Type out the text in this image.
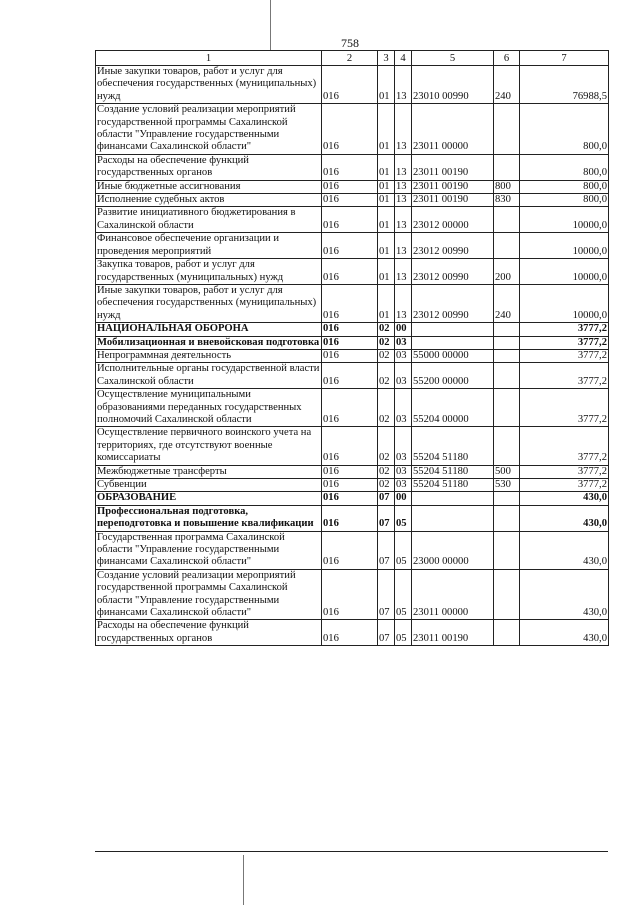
758
1	2	3	4	5	6	7
Иные закупки товаров, работ и услуг для обеспечения государственных (муниципальных) нужд	016	01	13	23010 00990	240	76988,5
Создание условий реализации мероприятий государственной программы Сахалинской области "Управление государственными финансами Сахалинской области"	016	01	13	23011 00000		800,0
Расходы на обеспечение функций государственных органов	016	01	13	23011 00190		800,0
Иные бюджетные ассигнования	016	01	13	23011 00190	800	800,0
Исполнение судебных актов	016	01	13	23011 00190	830	800,0
Развитие инициативного бюджетирования в Сахалинской области	016	01	13	23012 00000		10000,0
Финансовое обеспечение организации и проведения мероприятий	016	01	13	23012 00990		10000,0
Закупка товаров, работ и услуг для государственных (муниципальных) нужд	016	01	13	23012 00990	200	10000,0
Иные закупки товаров, работ и услуг для обеспечения государственных (муниципальных) нужд	016	01	13	23012 00990	240	10000,0
НАЦИОНАЛЬНАЯ ОБОРОНА	016	02	00			3777,2
Мобилизационная и вневойсковая подготовка	016	02	03			3777,2
Непрограммная деятельность	016	02	03	55000 00000		3777,2
Исполнительные органы государственной власти Сахалинской области	016	02	03	55200 00000		3777,2
Осуществление муниципальными образованиями переданных государственных полномочий Сахалинской области	016	02	03	55204 00000		3777,2
Осуществление первичного воинского учета на территориях, где отсутствуют военные комиссариаты	016	02	03	55204 51180		3777,2
Межбюджетные трансферты	016	02	03	55204 51180	500	3777,2
Субвенции	016	02	03	55204 51180	530	3777,2
ОБРАЗОВАНИЕ	016	07	00			430,0
Профессиональная подготовка, переподготовка и повышение квалификации	016	07	05			430,0
Государственная программа Сахалинской области "Управление государственными финансами Сахалинской области"	016	07	05	23000 00000		430,0
Создание условий реализации мероприятий государственной программы Сахалинской области "Управление государственными финансами Сахалинской области"	016	07	05	23011 00000		430,0
Расходы на обеспечение функций государственных органов	016	07	05	23011 00190		430,0
